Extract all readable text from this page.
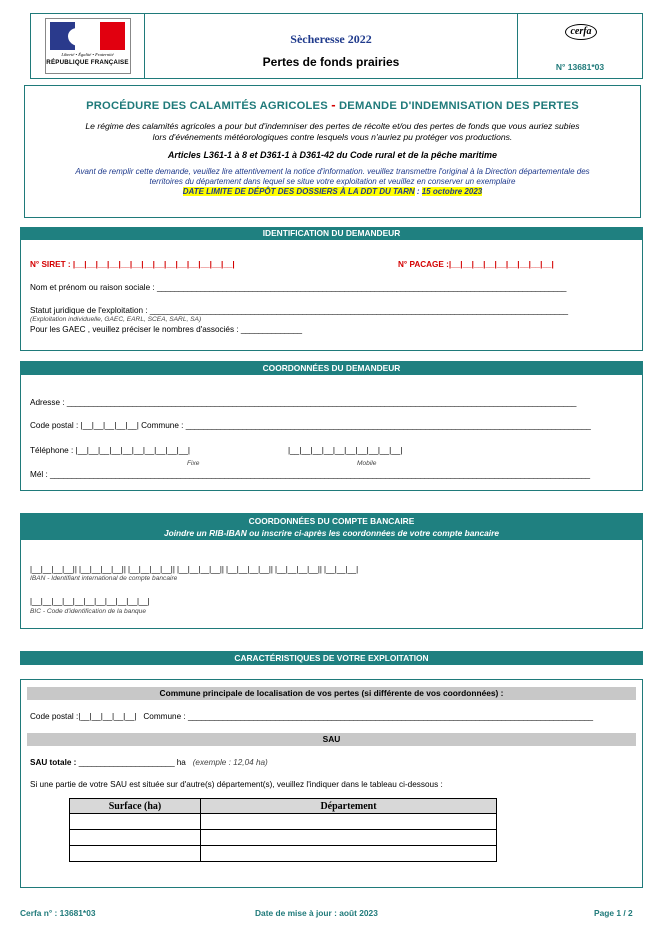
Liberté • Égalité • Fraternité
RÉPUBLIQUE FRANÇAISE
Sècheresse 2022
Pertes de fonds prairies
cerfa
N° 13681*03
PROCÉDURE DES CALAMITÉS AGRICOLES - DEMANDE D'INDEMNISATION DES PERTES
Le régime des calamités agricoles a pour but d'indemniser des pertes de récolte et/ou des pertes de fonds que vous auriez subies
lors d'événements météorologiques contre lesquels vous n'auriez pu protéger vos productions.
Articles L361-1 à 8 et D361-1 à D361-42 du Code rural et de la pêche maritime
Avant de remplir cette demande, veuillez lire attentivement la notice d'information. veuillez transmettre l'original à la Direction départementale des
territoires du département dans lequel se situe votre exploitation et veuillez en conserver un exemplaire
DATE LIMITE DE DÉPÔT DES DOSSIERS À LA DDT DU TARN : 15 octobre 2023
IDENTIFICATION DU DEMANDEUR
N° SIRET : |__|__|__|__|__|__|__|__|__|__|__|__|__|__|	N° PACAGE :|__|__|__|__|__|__|__|__|__|
Nom et prénom ou raison sociale : ______________________________________________________________________________________________
Statut juridique de l'exploitation : ________________________________________________________________________________________________
(Exploitation individuelle, GAEC, EARL, SCEA, SARL, SA)
Pour les GAEC , veuillez préciser le nombres d'associés : ______________
COORDONNÉES DU DEMANDEUR
Adresse : _____________________________________________________________________________________________________________________
Code postal : |__|__|__|__|__| Commune : _____________________________________________________________________________________________
Téléphone : |__|__|__|__|__|__|__|__|__|__|	|__|__|__|__|__|__|__|__|__|__|
Fixe	Mobile
Mél : ____________________________________________________________________________________________________________________________
COORDONNÉES DU COMPTE BANCAIRE
Joindre un RIB-IBAN ou inscrire ci-après les coordonnées de votre compte bancaire
|__|__|__|__|| |__|__|__|__|| |__|__|__|__|| |__|__|__|__|| |__|__|__|__|| |__|__|__|__|| |__|__|__|
IBAN - Identifiant international de compte bancaire
|__|__|__|__|__|__|__|__|__|__|__|
BIC - Code d'identification de la banque
CARACTÉRISTIQUES DE VOTRE EXPLOITATION
Commune principale de localisation de vos pertes (si différente de vos coordonnées) :
Code postal :|__|__|__|__|__| Commune : _____________________________________________________________________________________________
SAU
SAU totale : ______________________ ha (exemple : 12,04 ha)
Si une partie de votre SAU est située sur d'autre(s) département(s), veuillez l'indiquer dans le tableau ci-dessous :
Surface (ha)	Département

Cerfa n° : 13681*03	Date de mise à jour : août 2023	Page 1 / 2
